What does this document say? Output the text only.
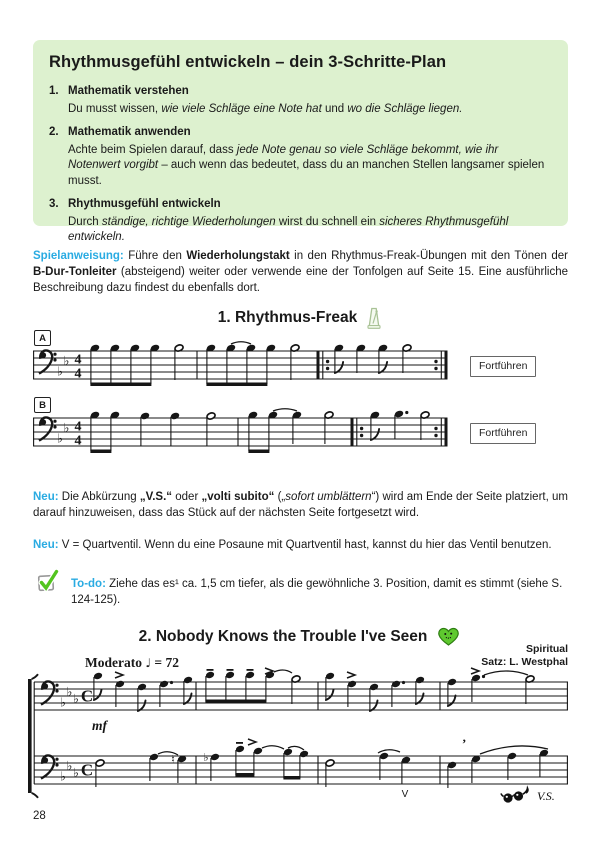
Rhythmusgefühl entwickeln – dein 3-Schritte-Plan
1. Mathematik verstehen
Du musst wissen, wie viele Schläge eine Note hat und wo die Schläge liegen.
2. Mathematik anwenden
Achte beim Spielen darauf, dass jede Note genau so viele Schläge bekommt, wie ihr Notenwert vorgibt – auch wenn das bedeutet, dass du an manchen Stellen langsamer spielen musst.
3. Rhythmusgefühl entwickeln
Durch ständige, richtige Wiederholungen wirst du schnell ein sicheres Rhythmusgefühl entwickeln.
Spielanweisung: Führe den Wiederholungstakt in den Rhythmus-Freak-Übungen mit den Tönen der B-Dur-Tonleiter (absteigend) weiter oder verwende eine der Tonfolgen auf Seite 15. Eine ausführliche Beschreibung dazu findest du ebenfalls dort.
1. Rhythmus-Freak
A
♭
♭ 4
4
Fortführen
B
♭
♭ 4
4
Fortführen
Neu: Die Abkürzung „V.S.“ oder „volti subito“ („sofort umblättern“) wird am Ende der Seite platziert, um darauf hinzuweisen, dass das Stück auf der nächsten Seite fortgesetzt wird.
Neu: V = Quartventil. Wenn du eine Posaune mit Quartventil hast, kannst du hier das Ventil benutzen.
To-do: Ziehe das es¹ ca. 1,5 cm tiefer, als die gewöhnliche 3. Position, damit es stimmt (siehe S. 124-125).
2. Nobody Knows the Trouble I've Seen
Spiritual
Satz: L. Westphal
Moderato ♩ = 72
♭
♭ ♭
♭
♭ ♭
C
C
mf
♮	♭
V
’
V.S.
28
